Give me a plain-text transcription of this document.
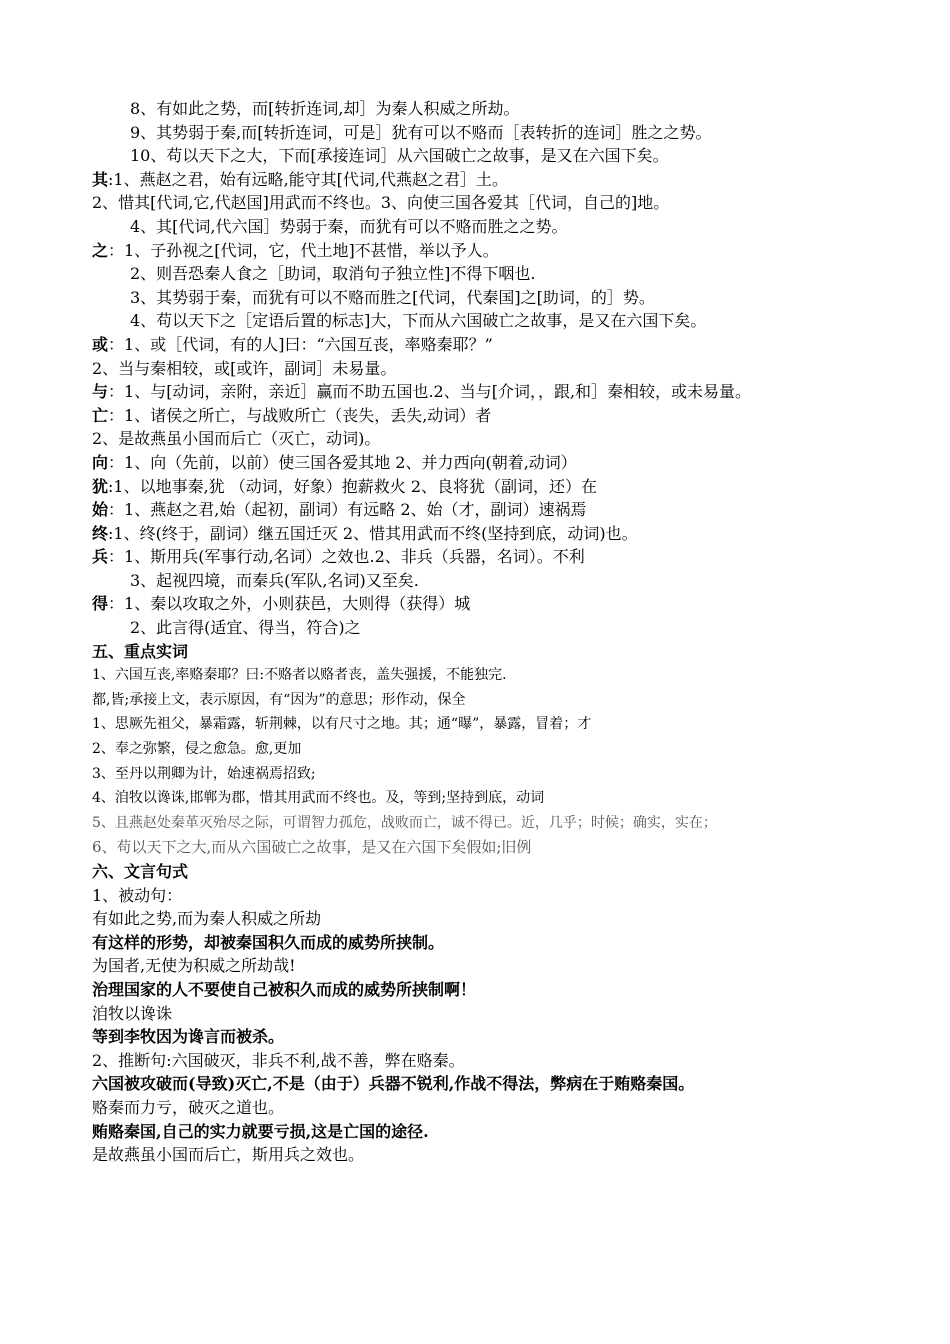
8、有如此之势，而[转折连词,却］为秦人积威之所劫。
9、其势弱于秦,而[转折连词，可是］犹有可以不赂而［表转折的连词］胜之之势。
10、苟以天下之大，下而[承接连词］从六国破亡之故事，是又在六国下矣。
其:1、燕赵之君，始有远略,能守其[代词,代燕赵之君］土。
2、惜其[代词,它,代赵国]用武而不终也。3、向使三国各爱其［代词，自己的]地。
4、其[代词,代六国］势弱于秦，而犹有可以不赂而胜之之势。
之：1、子孙视之[代词，它，代土地]不甚惜，举以予人。
2、则吾恐秦人食之［助词，取消句子独立性]不得下咽也.
3、其势弱于秦，而犹有可以不赂而胜之[代词，代秦国]之[助词，的］势。
4、苟以天下之［定语后置的标志]大，下而从六国破亡之故事，是又在六国下矣。
或：1、或［代词，有的人]曰：“六国互丧，率赂秦耶？”
2、当与秦相较，或[或许，副词］未易量。
与：1、与[动词，亲附，亲近］赢而不助五国也.2、当与[介词，，跟,和］秦相较，或未易量。
亡：1、诸侯之所亡，与战败所亡（丧失，丢失,动词）者
2、是故燕虽小国而后亡（灭亡，动词)。
向：1、向（先前，以前）使三国各爱其地 2、并力西向(朝着,动词）
犹:1、以地事秦,犹 （动词，好象）抱薪救火 2、良将犹（副词，还）在
始：1、燕赵之君,始（起初，副词）有远略 2、始（才，副词）速祸焉
终:1、终(终于，副词）继五国迁灭 2、惜其用武而不终(坚持到底，动词)也。
兵：1、斯用兵(军事行动,名词）之效也.2、非兵（兵器，名词）。不利
3、起视四境，而秦兵(军队,名词)又至矣.
得：1、秦以攻取之外，小则获邑，大则得（获得）城
2、此言得(适宜、得当，符合)之
五、重点实词
1、六国互丧,率赂秦耶？曰:不赂者以赂者丧，盖失强援，不能独完.
都,皆;承接上文，表示原因，有“因为”的意思；形作动，保全
1、思厥先祖父，暴霜露，斩荆棘，以有尺寸之地。其；通“曝”，暴露，冒着；才
2、奉之弥繁，侵之愈急。愈,更加
3、至丹以荆卿为计，始速祸焉招致;
4、洎牧以谗诛,邯郸为郡，惜其用武而不终也。及，等到;坚持到底，动词
5、且燕赵处秦革灭殆尽之际，可谓智力孤危，战败而亡，诚不得已。近，几乎；时候；确实，实在；
6、苟以天下之大,而从六国破亡之故事，是又在六国下矣假如;旧例
六、文言句式
1、被动句：
有如此之势,而为秦人积威之所劫
有这样的形势，却被秦国积久而成的威势所挟制。
为国者,无使为积威之所劫哉!
治理国家的人不要使自己被积久而成的威势所挟制啊！
洎牧以谗诛
等到李牧因为谗言而被杀。
2、推断句:六国破灭，非兵不利,战不善，弊在赂秦。
六国被攻破而(导致)灭亡,不是（由于）兵器不锐利,作战不得法，弊病在于贿赂秦国。
赂秦而力亏，破灭之道也。
贿赂秦国,自己的实力就要亏损,这是亡国的途径.
是故燕虽小国而后亡，斯用兵之效也。
